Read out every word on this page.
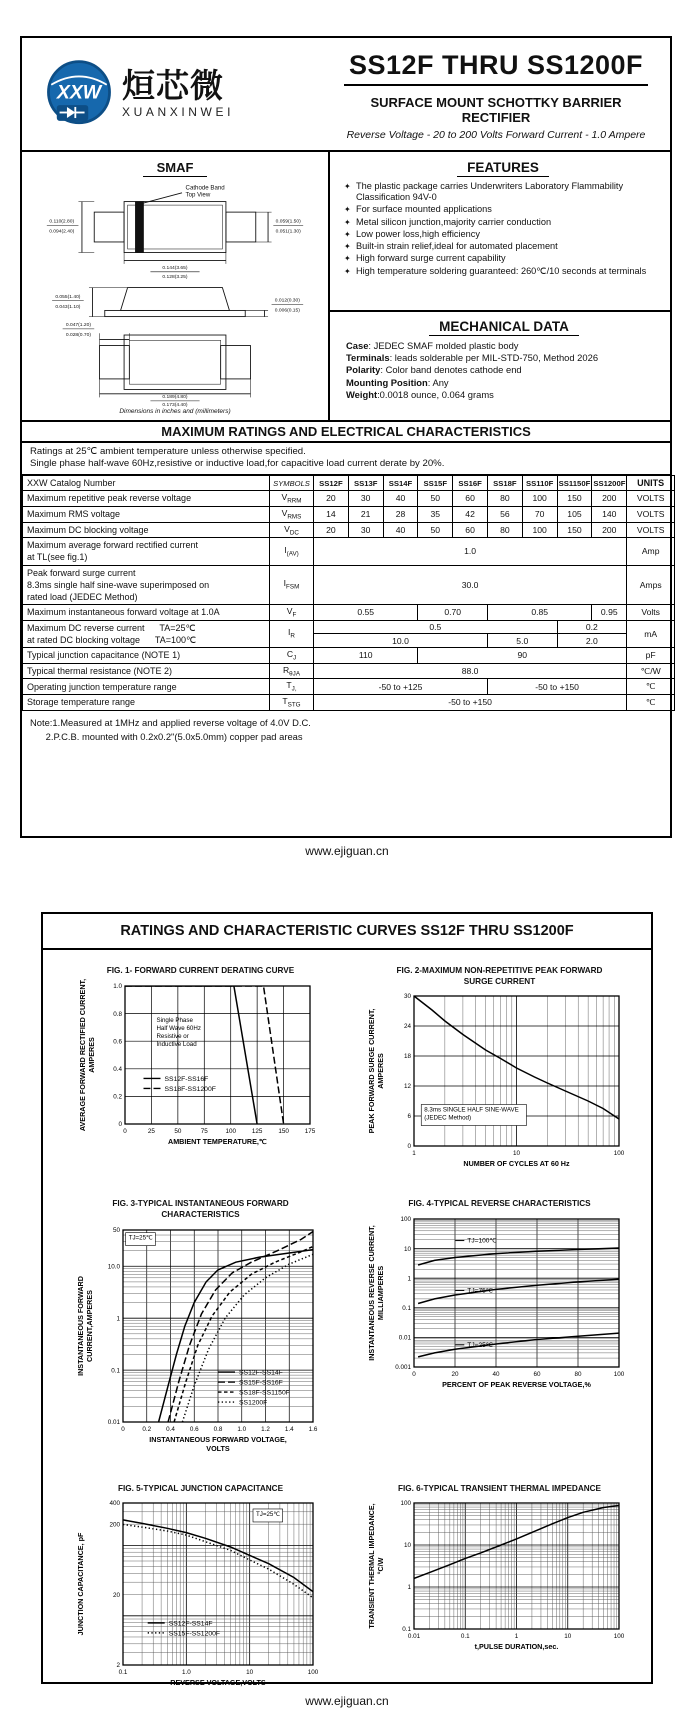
XXW 烜芯微
XUANXINWEI
SS12F THRU SS1200F
SURFACE MOUNT SCHOTTKY BARRIER RECTIFIER
Reverse Voltage - 20 to 200 Volts Forward Current - 1.0 Ampere
SMAF

Cathode Band
Top View
0.110(2.80)
0.094(2.40)
0.059(1.50)
0.051(1.30)
0.144(3.65)
0.128(3.25)
0.055(1.40)
0.043(1.10)
0.012(0.30)
0.006(0.15)
0.047(1.20)
0.028(0.70)
0.189(4.80)
0.173(4.40)
Dimensions in inches and (millimeters)
FEATURES
✦ The plastic package carries Underwriters Laboratory Flammability Classification 94V-0
✦ For surface mounted applications
✦ Metal silicon junction,majority carrier conduction
✦ Low power loss,high efficiency
✦ Built-in strain relief,ideal for automated placement
✦ High forward surge current capability
✦ High temperature soldering guaranteed: 260℃/10 seconds at terminals
MECHANICAL DATA
Case: JEDEC SMAF molded plastic body
Terminals: leads solderable per MIL-STD-750, Method 2026
Polarity: Color band denotes cathode end
Mounting Position: Any
Weight:0.0018 ounce, 0.064 grams
MAXIMUM RATINGS AND ELECTRICAL CHARACTERISTICS
Ratings at 25℃ ambient temperature unless otherwise specified.
Single phase half-wave 60Hz,resistive or inductive load,for capacitive load current derate by 20%.
XXW Catalog Number	SYMBOLS	SS12F	SS13F	SS14F	SS15F	SS16F	SS18F	SS110F	SS1150F	SS1200F	UNITS
Maximum repetitive peak reverse voltage	$V_{RRM}$	20	30	40	50	60	80	100	150	200	VOLTS
Maximum RMS voltage	$V_{RMS}$	14	21	28	35	42	56	70	105	140	VOLTS
Maximum DC blocking voltage	$V_{DC}$	20	30	40	50	60	80	100	150	200	VOLTS
Maximum average forward rectified current
at TL(see fig.1)	$I_{(AV)}$	1.0									Amp
Peak forward surge current
8.3ms single half sine-wave superimposed on
rated load (JEDEC Method)	$I_{FSM}$	30.0									Amps
Maximum instantaneous forward voltage at 1.0A	$V_F$	0.55			0.70		0.85			0.95	Volts
Maximum DC reverse current      TA=25℃
at rated DC blocking voltage      TA=100℃	$I_R$	0.5							0.2		mA
		10.0					5.0		2.0		
Typical junction capacitance (NOTE 1)	$C_J$	110			90						pF
Typical thermal resistance (NOTE 2)	$R_{\theta JA}$	88.0									℃/W
Operating junction temperature range	$T_{J,}$	-50 to +125					-50 to +150				℃
Storage temperature range	$T_{STG}$	-50 to +150									℃
Note:1.Measured at 1MHz and applied reverse voltage of 4.0V D.C.
2.P.C.B. mounted with 0.2x0.2"(5.0x5.0mm) copper pad areas
www.ejiguan.cn
RATINGS AND CHARACTERISTIC CURVES SS12F THRU SS1200F
FIG. 1- FORWARD CURRENT DERATING CURVE
0	25	50	75	100	125	150	175
0
0.2
0.4
0.6
0.8
1.0
AMBIENT TEMPERATURE,℃
AVERAGE FORWARD RECTIFIED CURRENT, AMPERES
Single Phase
Half Wave 60Hz
Resistive or
Inductive Load
SS12F-SS16F
SS18F-SS1200F
FIG. 2-MAXIMUM NON-REPETITIVE PEAK FORWARD
SURGE CURRENT
1	10	100
0
6
12
18
24
30
NUMBER OF CYCLES AT 60 Hz
PEAK FORWARD SURGE CURRENT, AMPERES
8.3ms SINGLE HALF SINE-WAVE
(JEDEC Method)
FIG. 3-TYPICAL INSTANTANEOUS FORWARD
CHARACTERISTICS
0	0.2 0.4 0.6 0.8 1.0 1.2 1.4 1.6
0.01
0.1
1
10.0
50
INSTANTANEOUS FORWARD VOLTAGE,
VOLTS
INSTANTANEOUS FORWARD CURRENT,AMPERES
TJ=25℃
SS12F-SS14F
SS15F-SS16F
SS18F-SS1150F
SS1200F
FIG. 4-TYPICAL REVERSE CHARACTERISTICS
0	20	40	60	80	100
0.001
0.01
0.1
1
10
100
PERCENT OF PEAK REVERSE VOLTAGE,%
INSTANTANEOUS REVERSE CURRENT, MILLIAMPERES
TJ=100℃
TJ=75℃
TJ=25℃
FIG. 5-TYPICAL JUNCTION CAPACITANCE
0.1	1.0	10	100
2
20
200
400
REVERSE VOLTAGE,VOLTS
JUNCTION CAPACITANCE, pF
TJ=25℃
SS12F-SS14F
SS15F-SS1200F
FIG. 6-TYPICAL TRANSIENT THERMAL IMPEDANCE
0.01	0.1	1	10	100
0.1
1
10
100
t,PULSE DURATION,sec.
TRANSIENT THERMAL IMPEDANCE, °C/W
www.ejiguan.cn
